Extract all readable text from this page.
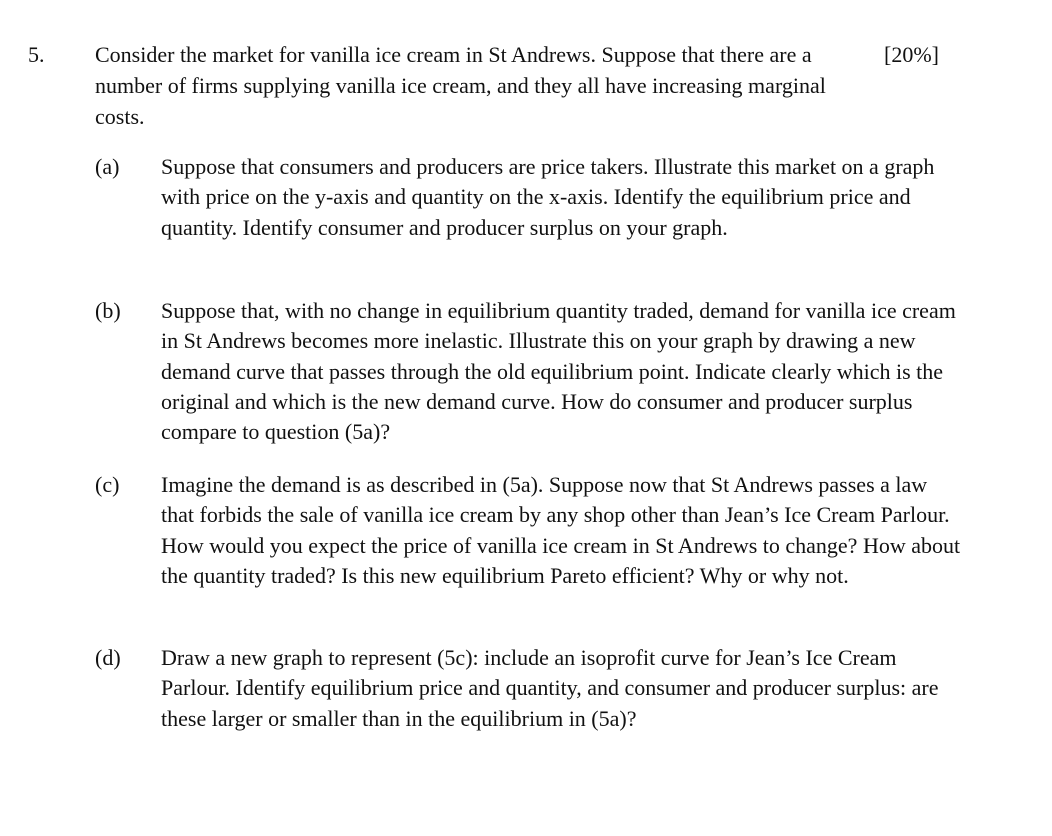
5. Consider the market for vanilla ice cream in St Andrews. Suppose that there are a number of firms supplying vanilla ice cream, and they all have increasing marginal costs.
[20%]
(a) Suppose that consumers and producers are price takers. Illustrate this market on a graph with price on the y-axis and quantity on the x-axis. Identify the equilibrium price and quantity. Identify consumer and producer surplus on your graph.
(b) Suppose that, with no change in equilibrium quantity traded, demand for vanilla ice cream in St Andrews becomes more inelastic. Illustrate this on your graph by drawing a new demand curve that passes through the old equilibrium point. Indicate clearly which is the original and which is the new demand curve. How do consumer and producer surplus compare to question (5a)?
(c) Imagine the demand is as described in (5a). Suppose now that St Andrews passes a law that forbids the sale of vanilla ice cream by any shop other than Jean’s Ice Cream Parlour. How would you expect the price of vanilla ice cream in St Andrews to change? How about the quantity traded? Is this new equilibrium Pareto efficient? Why or why not.
(d) Draw a new graph to represent (5c): include an isoprofit curve for Jean’s Ice Cream Parlour. Identify equilibrium price and quantity, and consumer and producer surplus: are these larger or smaller than in the equilibrium in (5a)?
